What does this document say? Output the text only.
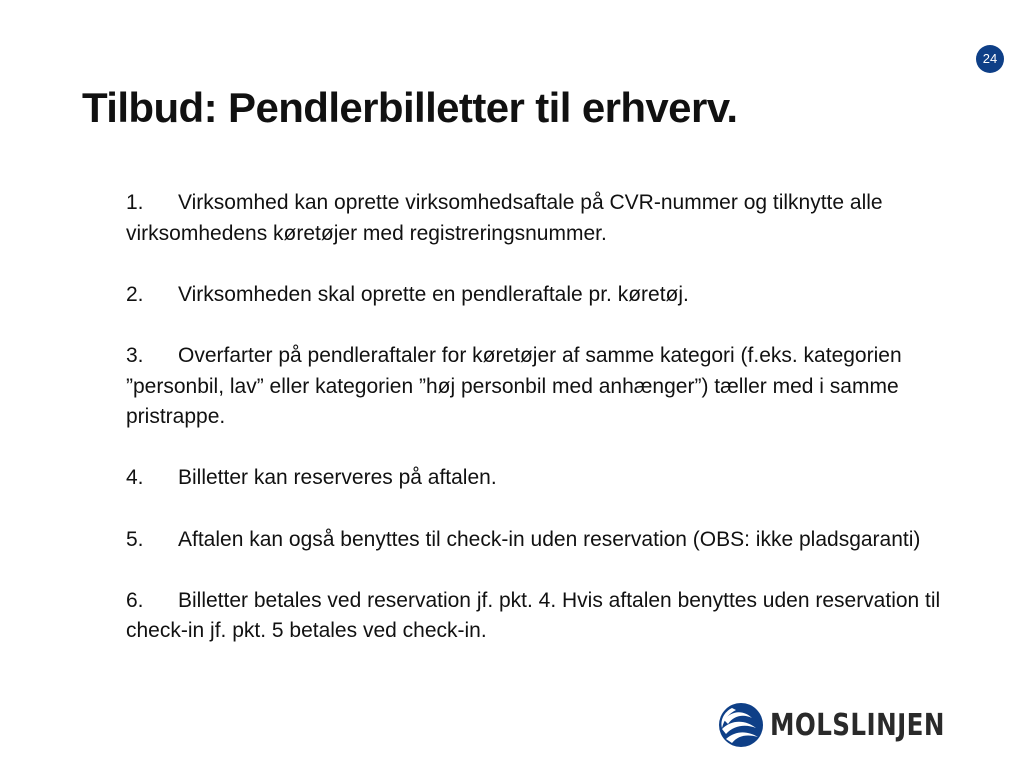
24
Tilbud: Pendlerbilletter til erhverv.

1. Virksomhed kan oprette virksomhedsaftale på CVR-nummer og tilknytte alle virksomhedens køretøjer med registreringsnummer.

2. Virksomheden skal oprette en pendleraftale pr. køretøj.

3. Overfarter på pendleraftaler for køretøjer af samme kategori (f.eks. kategorien ”personbil, lav” eller kategorien ”høj personbil med anhænger”) tæller med i samme pristrappe.

4. Billetter kan reserveres på aftalen.

5. Aftalen kan også benyttes til check-in uden reservation (OBS: ikke pladsgaranti)

6. Billetter betales ved reservation jf. pkt. 4. Hvis aftalen benyttes uden reservation til check-in jf. pkt. 5 betales ved check-in.

MOLSLINJEN
